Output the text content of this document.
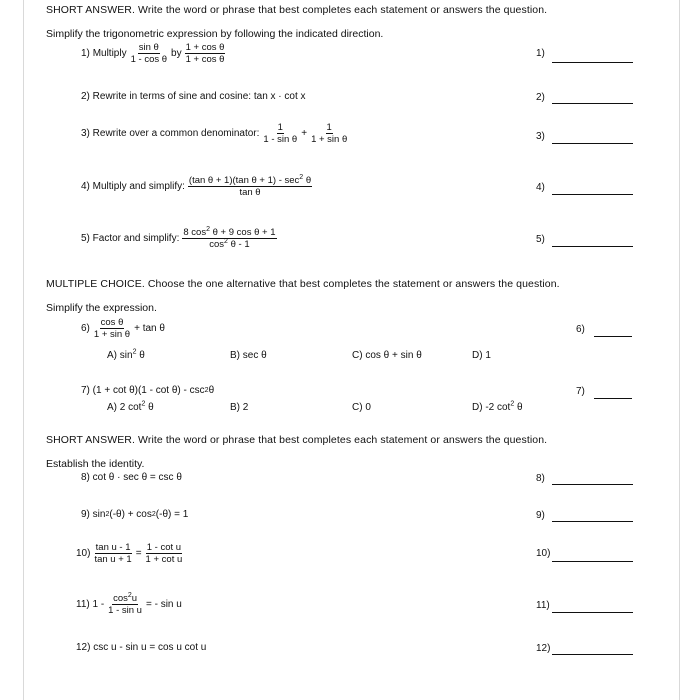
SHORT ANSWER. Write the word or phrase that best completes each statement or answers the question.
Simplify the trigonometric expression by following the indicated direction.
1)
Multiply $\frac{\text{sin θ}}{\text{1 - cos θ}}$ by $\frac{\text{1 + cos θ}}{\text{1 + cos θ}}$	1)
2) Rewrite in terms of sine and cosine: tan x · cot x	2)
3) Rewrite over a common denominator: $\frac{1}{\text{1 - sin θ}} + \frac{1}{\text{1 + sin θ}}$	3)
4) Multiply and simplify: $\frac{(\tan \theta + 1)(\tan \theta + 1) - \sec^2 \theta}{\text{tan θ}}$	4)
5) Factor and simplify: $\frac{8 \cos^2 \theta + 9 \cos \theta + 1}{\cos^2 \theta - 1}$	5)
MULTIPLE CHOICE. Choose the one alternative that best completes the statement or answers the question.
Simplify the expression.
$6) \frac{\text{cos θ}}{\text{1 + sin θ}} + \tan \theta$	6)
A) $\sin^2 \theta$	B) sec θ	C) cos θ + sin θ	D) 1
7) (1 + cot θ)(1 - cot θ) - csc 2 θ	7)
A) 2 $\cot^2 \theta$	B) 2	C) 0	D) -2 $\cot^2 \theta$
SHORT ANSWER. Write the word or phrase that best completes each statement or answers the question.
Establish the identity.
8) cot θ · sec θ = csc θ	8)
9) sin 2 (-θ) + cos 2 (-θ) = 1	9)
$10) \frac{\text{tan u - 1}}{\text{tan u + 1}} = \frac{\text{1 - cot u}}{\text{1 + cot u}}$	10)
11) $1 - \frac{\cos^2u}{\text{1 - sin u}}$ = - sin u	11)
12) csc u - sin u = cos u cot u	12)
